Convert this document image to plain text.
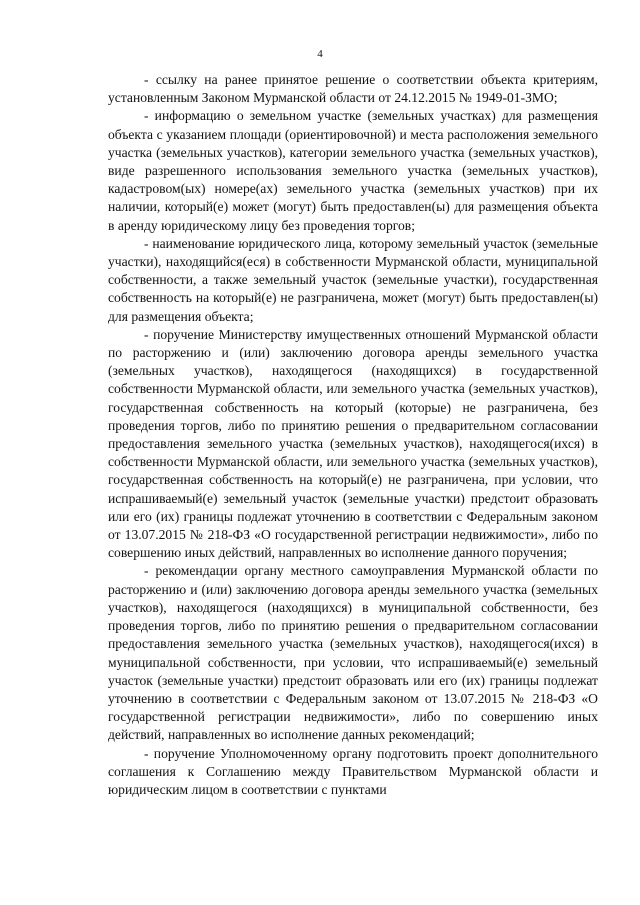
4

- ссылку на ранее принятое решение о соответствии объекта критериям, установленным Законом Мурманской области от 24.12.2015 № 1949-01-ЗМО;

- информацию о земельном участке (земельных участках) для размещения объекта с указанием площади (ориентировочной) и места расположения земельного участка (земельных участков), категории земельного участка (земельных участков), виде разрешенного использования земельного участка (земельных участков), кадастровом(ых) номере(ах) земельного участка (земельных участков) при их наличии, который(е) может (могут) быть предоставлен(ы) для размещения объекта в аренду юридическому лицу без проведения торгов;

- наименование юридического лица, которому земельный участок (земельные участки), находящийся(еся) в собственности Мурманской области, муниципальной собственности, а также земельный участок (земельные участки), государственная собственность на который(е) не разграничена, может (могут) быть предоставлен(ы) для размещения объекта;

- поручение Министерству имущественных отношений Мурманской области по расторжению и (или) заключению договора аренды земельного участка (земельных участков), находящегося (находящихся) в государственной собственности Мурманской области, или земельного участка (земельных участков), государственная собственность на который (которые) не разграничена, без проведения торгов, либо по принятию решения о предварительном согласовании предоставления земельного участка (земельных участков), находящегося(ихся) в собственности Мурманской области, или земельного участка (земельных участков), государственная собственность на который(е) не разграничена, при условии, что испрашиваемый(е) земельный участок (земельные участки) предстоит образовать или его (их) границы подлежат уточнению в соответствии с Федеральным законом от 13.07.2015 № 218-ФЗ «О государственной регистрации недвижимости», либо по совершению иных действий, направленных во исполнение данного поручения;

- рекомендации органу местного самоуправления Мурманской области по расторжению и (или) заключению договора аренды земельного участка (земельных участков), находящегося (находящихся) в муниципальной собственности, без проведения торгов, либо по принятию решения о предварительном согласовании предоставления земельного участка (земельных участков), находящегося(ихся) в муниципальной собственности, при условии, что испрашиваемый(е) земельный участок (земельные участки) предстоит образовать или его (их) границы подлежат уточнению в соответствии с Федеральным законом от 13.07.2015 № 218-ФЗ «О государственной регистрации недвижимости», либо по совершению иных действий, направленных во исполнение данных рекомендаций;

- поручение Уполномоченному органу подготовить проект дополнительного соглашения к Соглашению между Правительством Мурманской области и юридическим лицом в соответствии с пунктами
